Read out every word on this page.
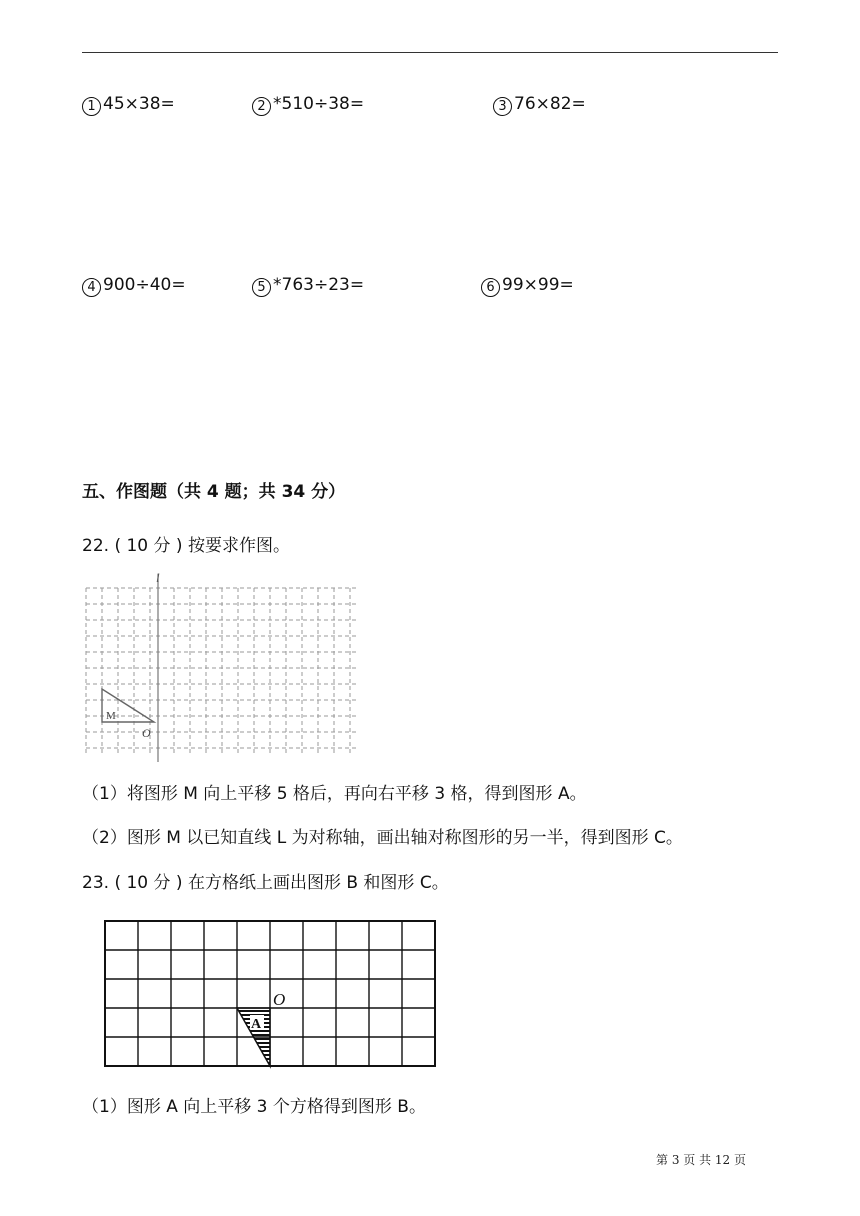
1 45×38=	2 *510÷38=	3 76×82=
4 900÷40=	5 *763÷23=	6 99×99=
五、作图题（共 4 题；共 34 分）
22. ( 10 分 ) 按要求作图。
l
M
O
（1）将图形 M 向上平移 5 格后，再向右平移 3 格，得到图形 A。
（2）图形 M 以已知直线 L 为对称轴，画出轴对称图形的另一半，得到图形 C。
23. ( 10 分 ) 在方格纸上画出图形 B 和图形 C。
A
O
（1）图形 A 向上平移 3 个方格得到图形 B。
第 3 页 共 12 页
